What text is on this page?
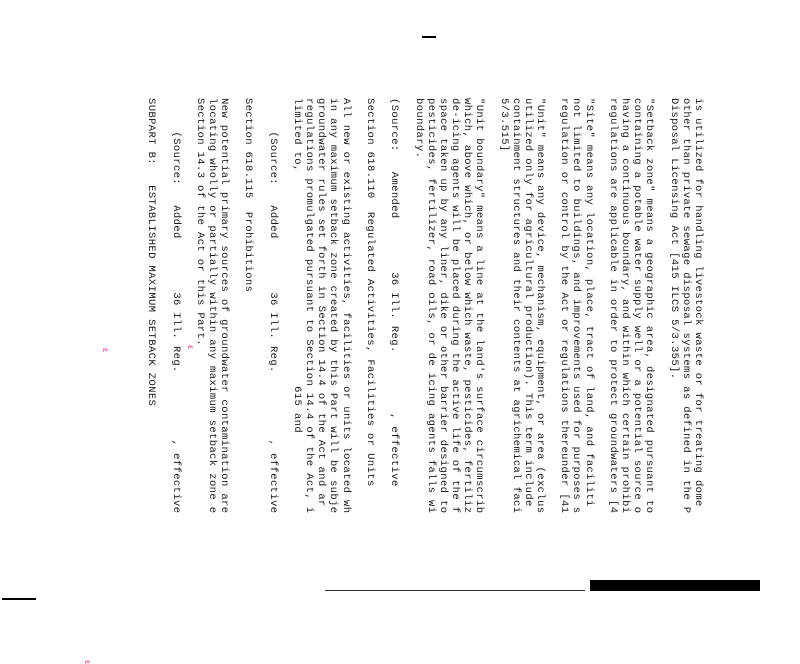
ε
ε
ε
is utilized for handling livestock waste or for treating dome
other than private sewage disposal systems as defined in the P
Disposal Licensing Act [415 ILCS 5/3.355].
"Setback zone" means a geographic area, designated pursuant to
containing a potable water supply well or a potential source o
having a continuous boundary, and within which certain prohibi
regulations are applicable in order to protect groundwaters [4
"Site" means any location, place, tract of land, and faciliti
not limited to buildings, and improvements used for purposes s
regulation or control by the Act or regulations thereunder [41
"Unit" means any device, mechanism, equipment, or area (exclus
utilized only for agricultural production). This term include
containment structures and their contents at agrichemical faci
5/3.515]
"Unit boundary" means a line at the land's surface circumscrib
which, above which, or below which waste, pesticides, fertiliz
de-icing agents will be placed during the active life of the f
space taken up by any liner, dike or other barrier designed to
pesticides, fertilizer, road oils, or de icing agents falls wi
boundary.
(Source:   Amended        36 Ill. Reg.         , effective
Section 618.110  Regulated Activities, Facilities or Units
All new or existing activities, facilities or units located wh
in any maximum setback zone created by this Part will be subje
groundwater rules set forth in Section 14.4 of the Act and ar
regulations promulgated pursuant to Section 14.4 of the Act, i
limited to,                                615 and
(Source:   Added        36 Ill. Reg.          , effective
Section 618.115  Prohibitions
New potential primary sources of groundwater contamination are
locating wholly or partially within any maximum setback zone e
Section 14.3 of the Act or this Part.
(Source:   Added        36 Ill. Reg.          , effective
SUBPART B:   ESTABLISHED MAXIMUM SETBACK ZONES
